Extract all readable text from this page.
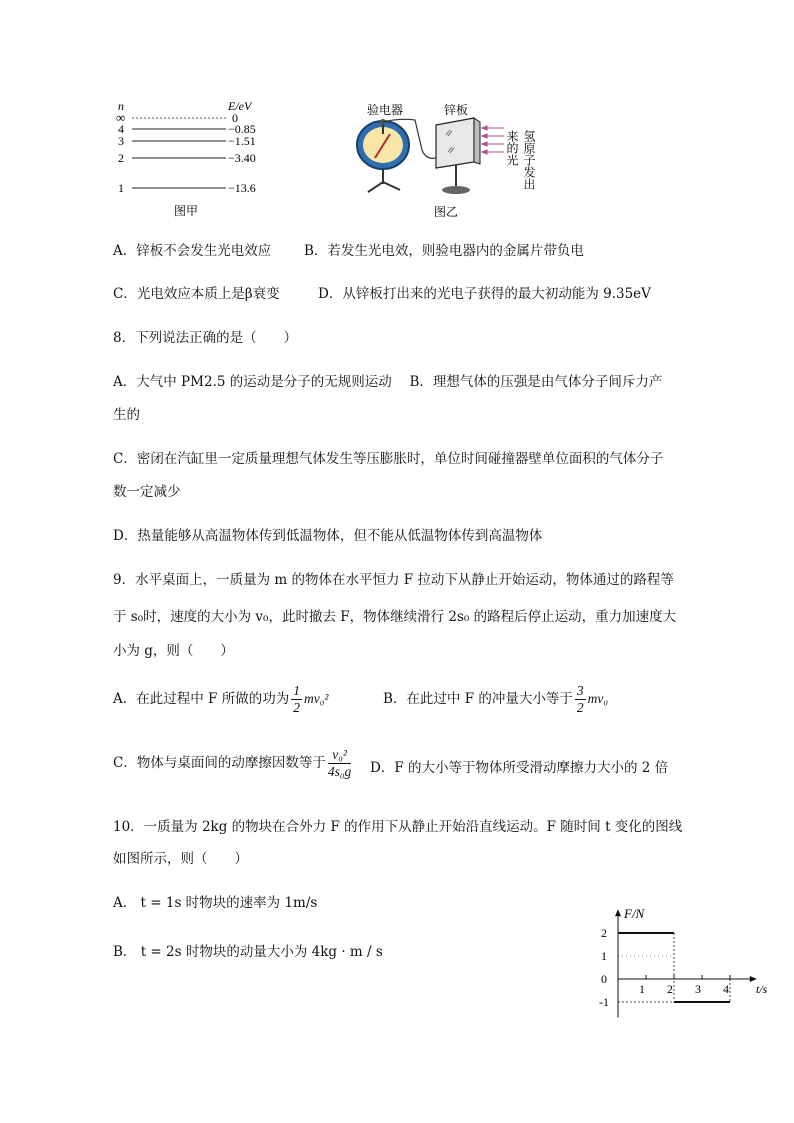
n	E/eV
∞	0
4	−0.85
3	−1.51
2	−3.40
1	−13.6
图甲
验电器	锌板
来的光 氢原子发出
图乙
A．锌板不会发生光电效应 B．若发生光电效，则验电器内的金属片带负电
C．光电效应本质上是β衰变	D．从锌板打出来的光电子获得的最大初动能为 9.35eV
8．下列说法正确的是（　　）
A．大气中 PM2.5 的运动是分子的无规则运动　 B．理想气体的压强是由气体分子间斥力产
生的
C．密闭在汽缸里一定质量理想气体发生等压膨胀时，单位时间碰撞器壁单位面积的气体分子
数一定减少
D．热量能够从高温物体传到低温物体，但不能从低温物体传到高温物体
9．水平桌面上，一质量为 m 的物体在水平恒力 F 拉动下从静止开始运动，物体通过的路程等
于 s₀时，速度的大小为 v₀，此时撤去 F，物体继续滑行 2s₀ 的路程后停止运动，重力加速度大
小为 g，则（　　）
A．在此过程中 F 所做的功为 $\frac{1}{2} mv_0^2$	B．在此过中 F 的冲量大小等于 $\frac{3}{2} mv_0$
C．物体与桌面间的动摩擦因数等于 $\frac{\text{v₀²}}{\text{4s₀g}}$ D．F 的大小等于物体所受滑动摩擦力大小的 2 倍
10．一质量为 2kg 的物块在合外力 F 的作用下从静止开始沿直线运动。F 随时间 t 变化的图线
如图所示，则（　　）
A． t = 1s 时物块的速率为 1m/s
B． t = 2s 时物块的动量大小为 4kg · m / s
F/N
t/s
2
1
0
-1
1 2 3 4
